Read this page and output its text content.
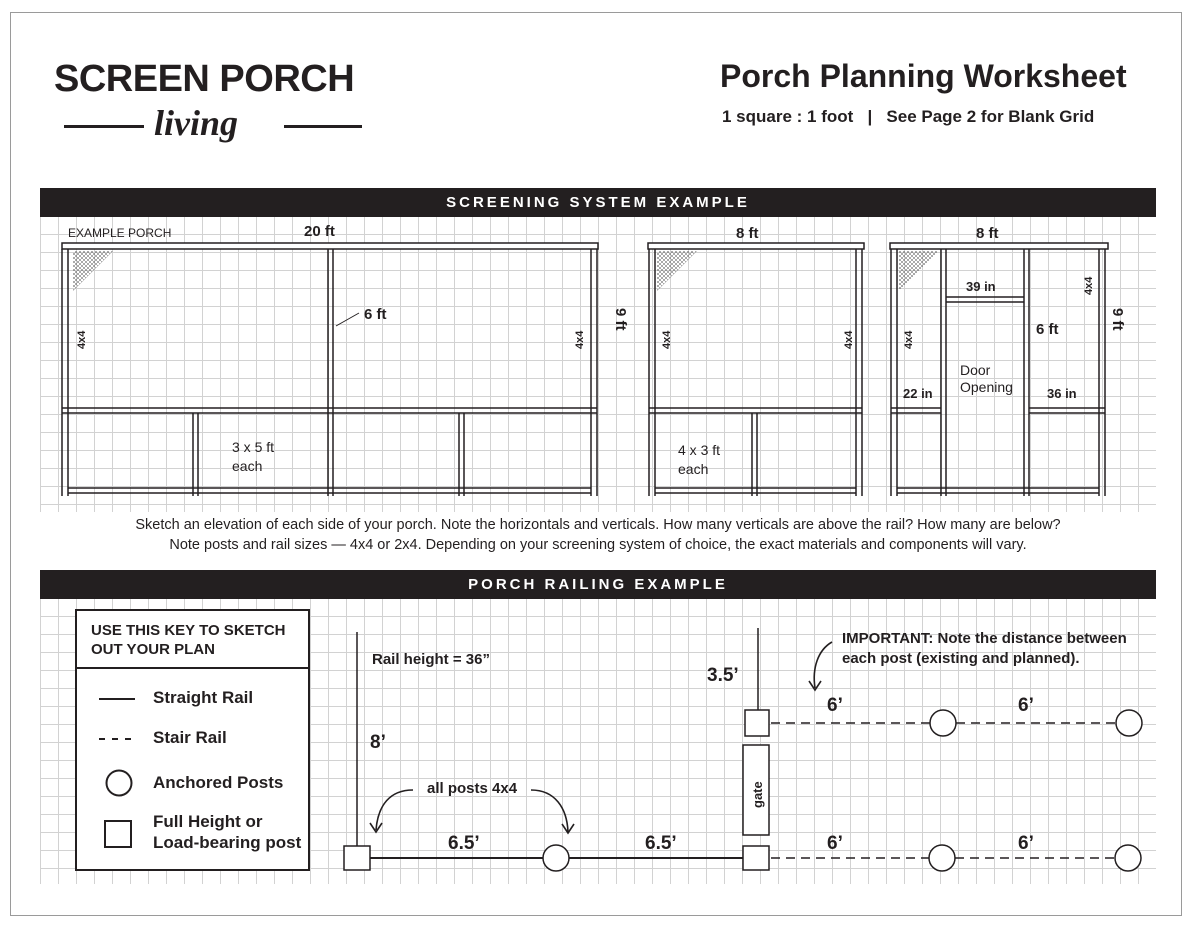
SCREEN PORCH
living
Porch Planning Worksheet
1 square : 1 foot   |   See Page 2 for Blank Grid
SCREENING SYSTEM EXAMPLE
PORCH RAILING EXAMPLE
EXAMPLE PORCH	20 ft	8 ft	8 ft
6 ft
6 ft
3 x 5 ft
each
4 x 3 ft
each
Door
Opening
39 in
22 in	36 in
4x4	4x4	4x4	4x4	4x4
4x4
9 ft	9 ft
Sketch an elevation of each side of your porch. Note the horizontals and verticals. How many verticals are above the rail? How many are below?
Note posts and rail sizes — 4x4 or 2x4. Depending on your screening system of choice, the exact materials and components will vary.
Rail height = 36”
all posts 4x4
IMPORTANT: Note the distance between
each post (existing and planned).
8’
3.5’
6.5’	6.5’
6’	6’
6’	6’
gate
USE THIS KEY TO SKETCH
OUT YOUR PLAN
Straight Rail
Stair Rail
Anchored Posts
Full Height or
Load-bearing post
